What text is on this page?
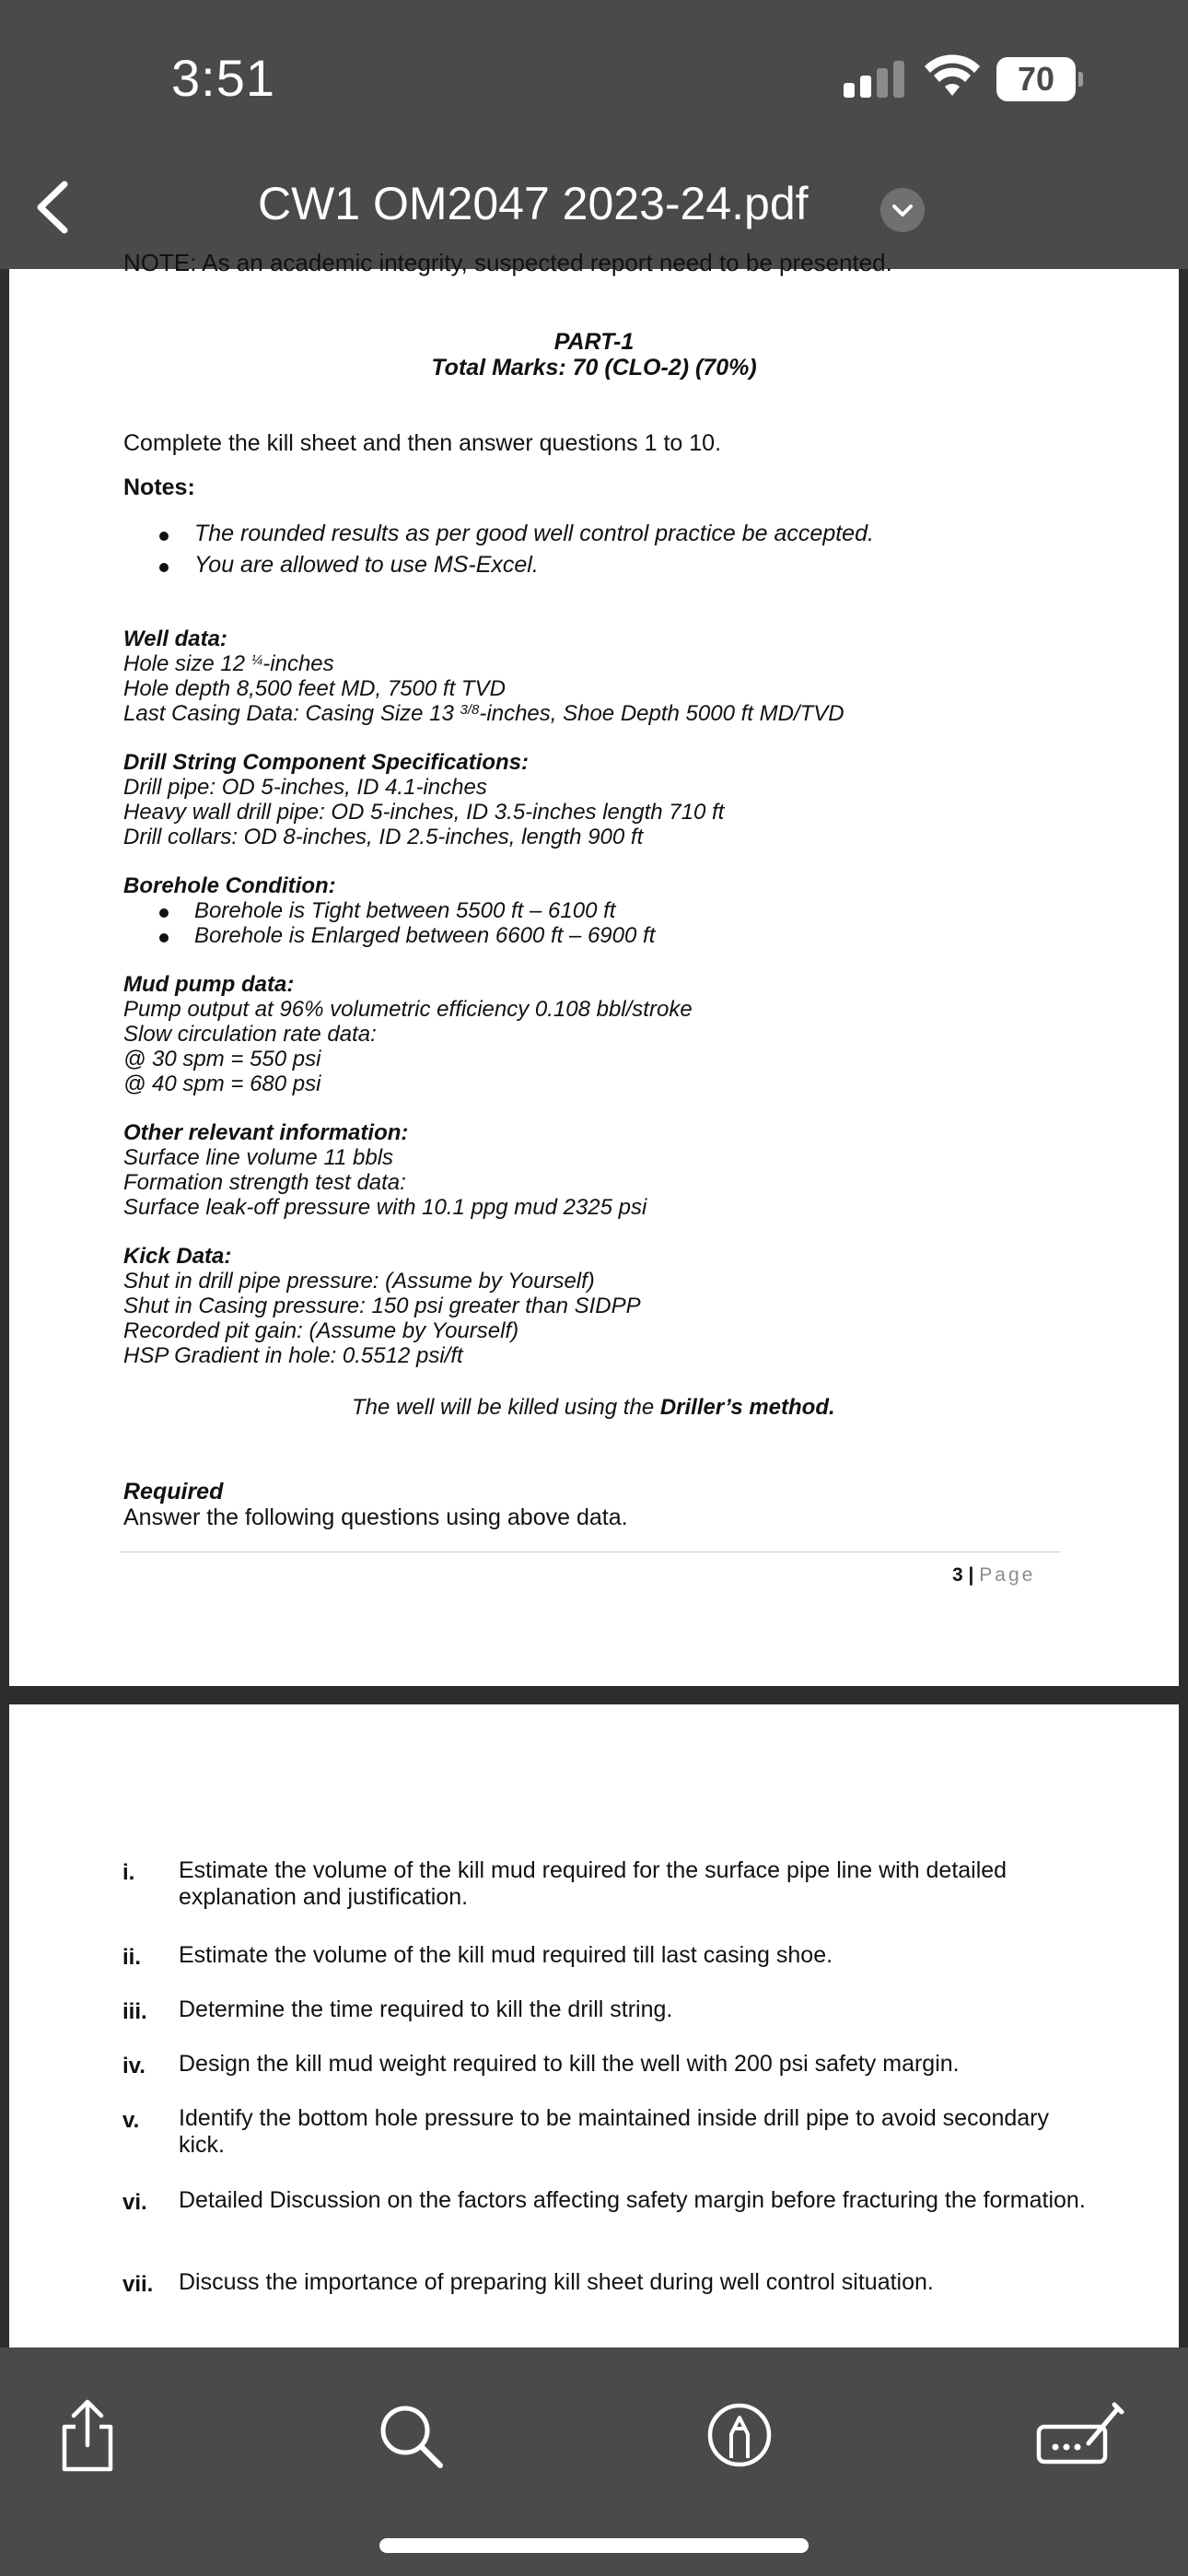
3:51	70
CW1 OM2047 2023-24.pdf
NOTE: As an academic integrity, suspected report need to be presented.
PART-1
Total Marks: 70 (CLO-2) (70%)
Complete the kill sheet and then answer questions 1 to 10.
Notes:
The rounded results as per good well control practice be accepted.
You are allowed to use MS-Excel.
Well data:
Hole size 12 $^{\frac{1}{4}}$-inches
Hole depth 8,500 feet MD, 7500 ft TVD
Last Casing Data: Casing Size 13 $^{3/8}$-inches, Shoe Depth 5000 ft MD/TVD
Drill String Component Specifications:
Drill pipe: OD 5-inches, ID 4.1-inches
Heavy wall drill pipe: OD 5-inches, ID 3.5-inches length 710 ft
Drill collars: OD 8-inches, ID 2.5-inches, length 900 ft
Borehole Condition:
Borehole is Tight between 5500 ft – 6100 ft
Borehole is Enlarged between 6600 ft – 6900 ft
Mud pump data:
Pump output at 96% volumetric efficiency 0.108 bbl/stroke
Slow circulation rate data:
@ 30 spm = 550 psi
@ 40 spm = 680 psi
Other relevant information:
Surface line volume 11 bbls
Formation strength test data:
Surface leak-off pressure with 10.1 ppg mud 2325 psi
Kick Data:
Shut in drill pipe pressure: (Assume by Yourself)
Shut in Casing pressure: 150 psi greater than SIDPP
Recorded pit gain: (Assume by Yourself)
HSP Gradient in hole: 0.5512 psi/ft
The well will be killed using the Driller’s method.
Required
Answer the following questions using above data.
3 | Page
i. Estimate the volume of the kill mud required for the surface pipe line with detailed explanation and justification.
ii. Estimate the volume of the kill mud required till last casing shoe.
iii. Determine the time required to kill the drill string.
iv. Design the kill mud weight required to kill the well with 200 psi safety margin.
v. Identify the bottom hole pressure to be maintained inside drill pipe to avoid secondary kick.
vi. Detailed Discussion on the factors affecting safety margin before fracturing the formation.
vii. Discuss the importance of preparing kill sheet during well control situation.
